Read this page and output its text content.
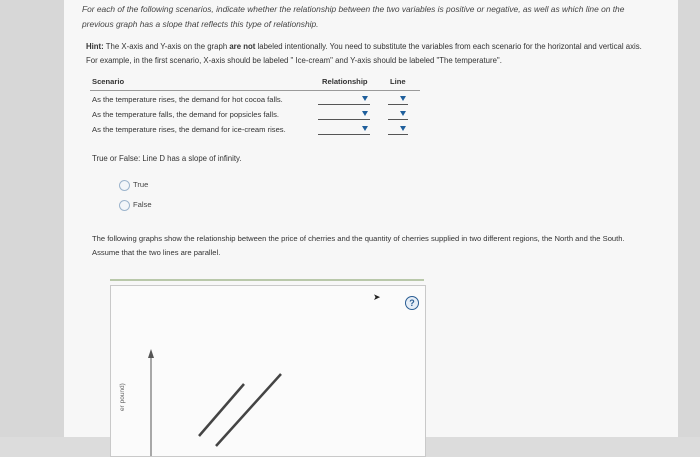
For each of the following scenarios, indicate whether the relationship between the two variables is positive or negative, as well as which line on the previous graph has a slope that reflects this type of relationship.
Hint: The X-axis and Y-axis on the graph are not labeled intentionally. You need to substitute the variables from each scenario for the horizontal and vertical axis. For example, in the first scenario, X-axis should be labeled " Ice-cream" and Y-axis should be labeled "The temperature".
Scenario	Relationship	Line
As the temperature rises, the demand for hot cocoa falls.
As the temperature falls, the demand for popsicles falls.
As the temperature rises, the demand for ice-cream rises.
True or False: Line D has a slope of infinity.
True
False
The following graphs show the relationship between the price of cherries and the quantity of cherries supplied in two different regions, the North and the South. Assume that the two lines are parallel.
➤
?
er pound)
